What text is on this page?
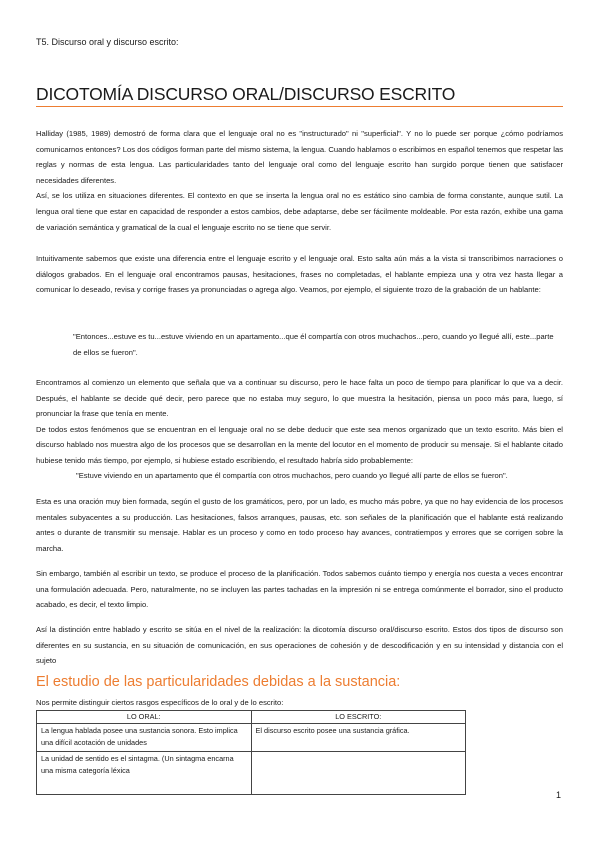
T5. Discurso oral y discurso escrito:
DICOTOMÍA DISCURSO ORAL/DISCURSO ESCRITO

Halliday (1985, 1989) demostró de forma clara que el lenguaje oral no es "instructurado" ni "superficial". Y no lo puede ser porque ¿cómo podríamos comunicarnos entonces? Los dos códigos forman parte del mismo sistema, la lengua. Cuando hablamos o escribimos en español tenemos que respetar las reglas y normas de esta lengua. Las particularidades tanto del lenguaje oral como del lenguaje escrito han surgido porque tienen que satisfacer necesidades diferentes.

Así, se los utiliza en situaciones diferentes. El contexto en que se inserta la lengua oral no es estático sino cambia de forma constante, aunque sutil. La lengua oral tiene que estar en capacidad de responder a estos cambios, debe adaptarse, debe ser fácilmente moldeable. Por esta razón, exhibe una gama de variación semántica y gramatical de la cual el lenguaje escrito no se tiene que servir.

Intuitivamente sabemos que existe una diferencia entre el lenguaje escrito y el lenguaje oral. Esto salta aún más a la vista si transcribimos narraciones o diálogos grabados. En el lenguaje oral encontramos pausas, hesitaciones, frases no completadas, el hablante empieza una y otra vez hasta llegar a comunicar lo deseado, revisa y corrige frases ya pronunciadas o agrega algo. Veamos, por ejemplo, el siguiente trozo de la grabación de un hablante:

"Entonces...estuve es tu...estuve viviendo en un apartamento...que él compartía con otros muchachos...pero, cuando yo llegué allí, este...parte de ellos se fueron".

Encontramos al comienzo un elemento que señala que va a continuar su discurso, pero le hace falta un poco de tiempo para planificar lo que va a decir. Después, el hablante se decide qué decir, pero parece que no estaba muy seguro, lo que muestra la hesitación, piensa un poco más para, luego, sí pronunciar la frase que tenía en mente.

De todos estos fenómenos que se encuentran en el lenguaje oral no se debe deducir que este sea menos organizado que un texto escrito. Más bien el discurso hablado nos muestra algo de los procesos que se desarrollan en la mente del locutor en el momento de producir su mensaje. Si el hablante citado hubiese tenido más tiempo, por ejemplo, si hubiese estado escribiendo, el resultado habría sido probablemente:

"Estuve viviendo en un apartamento que él compartía con otros muchachos, pero cuando yo llegué allí parte de ellos se fueron".

Esta es una oración muy bien formada, según el gusto de los gramáticos, pero, por un lado, es mucho más pobre, ya que no hay evidencia de los procesos mentales subyacentes a su producción. Las hesitaciones, falsos arranques, pausas, etc. son señales de la planificación que el hablante está realizando antes o durante de transmitir su mensaje. Hablar es un proceso y como en todo proceso hay avances, contratiempos y errores que se corrigen sobre la marcha.

Sin embargo, también al escribir un texto, se produce el proceso de la planificación. Todos sabemos cuánto tiempo y energía nos cuesta a veces encontrar una formulación adecuada. Pero, naturalmente, no se incluyen las partes tachadas en la impresión ni se entrega comúnmente el borrador, sino el producto acabado, es decir, el texto limpio.

Así la distinción entre hablado y escrito se sitúa en el nivel de la realización: la dicotomía discurso oral/discurso escrito. Estos dos tipos de discurso son diferentes en su sustancia, en su situación de comunicación, en sus operaciones de cohesión y de descodificación y en su intensidad y distancia con el sujeto

El estudio de las particularidades debidas a la sustancia:
Nos permite distinguir ciertos rasgos específicos de lo oral y de lo escrito:
LO ORAL:	LO ESCRITO:
La lengua hablada posee una sustancia sonora. Esto implica una difícil acotación de unidades	El discurso escrito posee una sustancia gráfica.
La unidad de sentido es el sintagma. (Un sintagma encarna una misma categoría léxica	
1
